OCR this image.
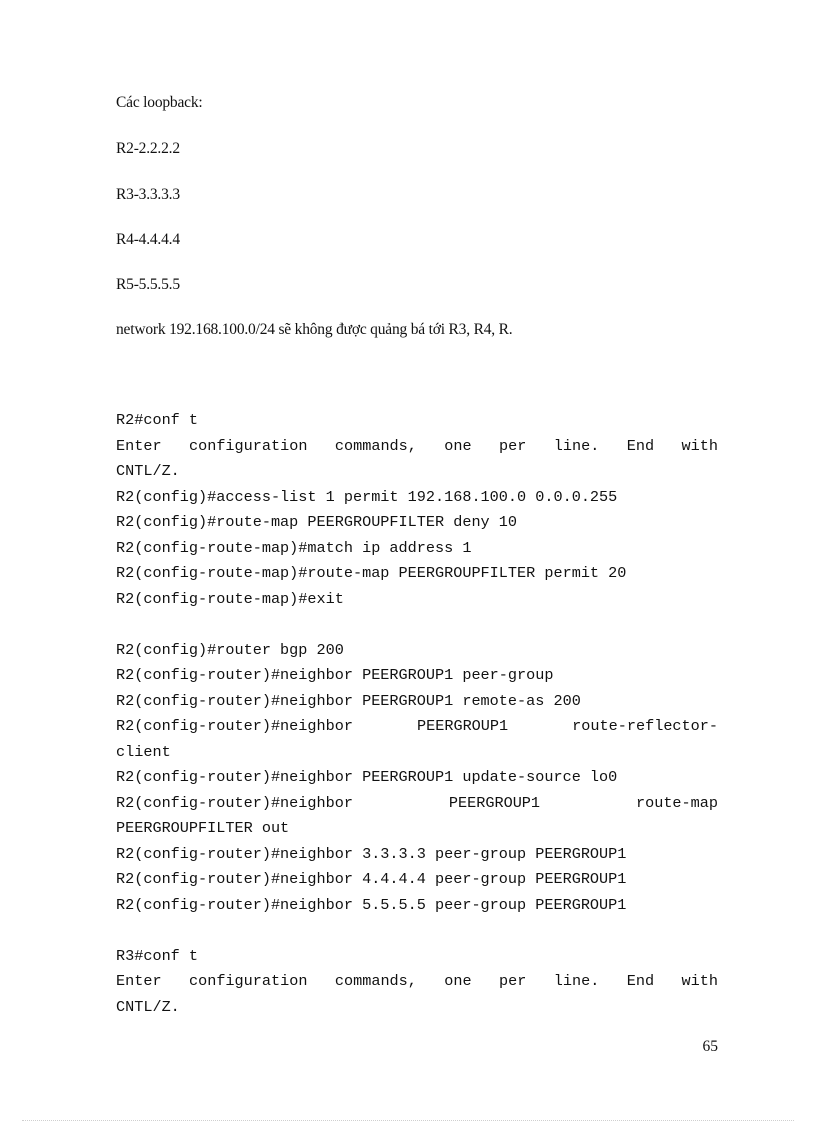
Các loopback:
R2-2.2.2.2
R3-3.3.3.3
R4-4.4.4.4
R5-5.5.5.5
network 192.168.100.0/24 sẽ không được quảng bá tới R3, R4, R.
R2#conf t
Enter configuration commands, one per line. End with
CNTL/Z.
R2(config)#access-list 1 permit 192.168.100.0 0.0.0.255
R2(config)#route-map PEERGROUPFILTER deny 10
R2(config-route-map)#match ip address 1
R2(config-route-map)#route-map PEERGROUPFILTER permit 20
R2(config-route-map)#exit
R2(config)#router bgp 200
R2(config-router)#neighbor PEERGROUP1 peer-group
R2(config-router)#neighbor PEERGROUP1 remote-as 200
R2(config-router)#neighbor PEERGROUP1 route-reflector-
client
R2(config-router)#neighbor PEERGROUP1 update-source lo0
R2(config-router)#neighbor PEERGROUP1 route-map
PEERGROUPFILTER out
R2(config-router)#neighbor 3.3.3.3 peer-group PEERGROUP1
R2(config-router)#neighbor 4.4.4.4 peer-group PEERGROUP1
R2(config-router)#neighbor 5.5.5.5 peer-group PEERGROUP1
R3#conf t
Enter configuration commands, one per line. End with
CNTL/Z.
65
